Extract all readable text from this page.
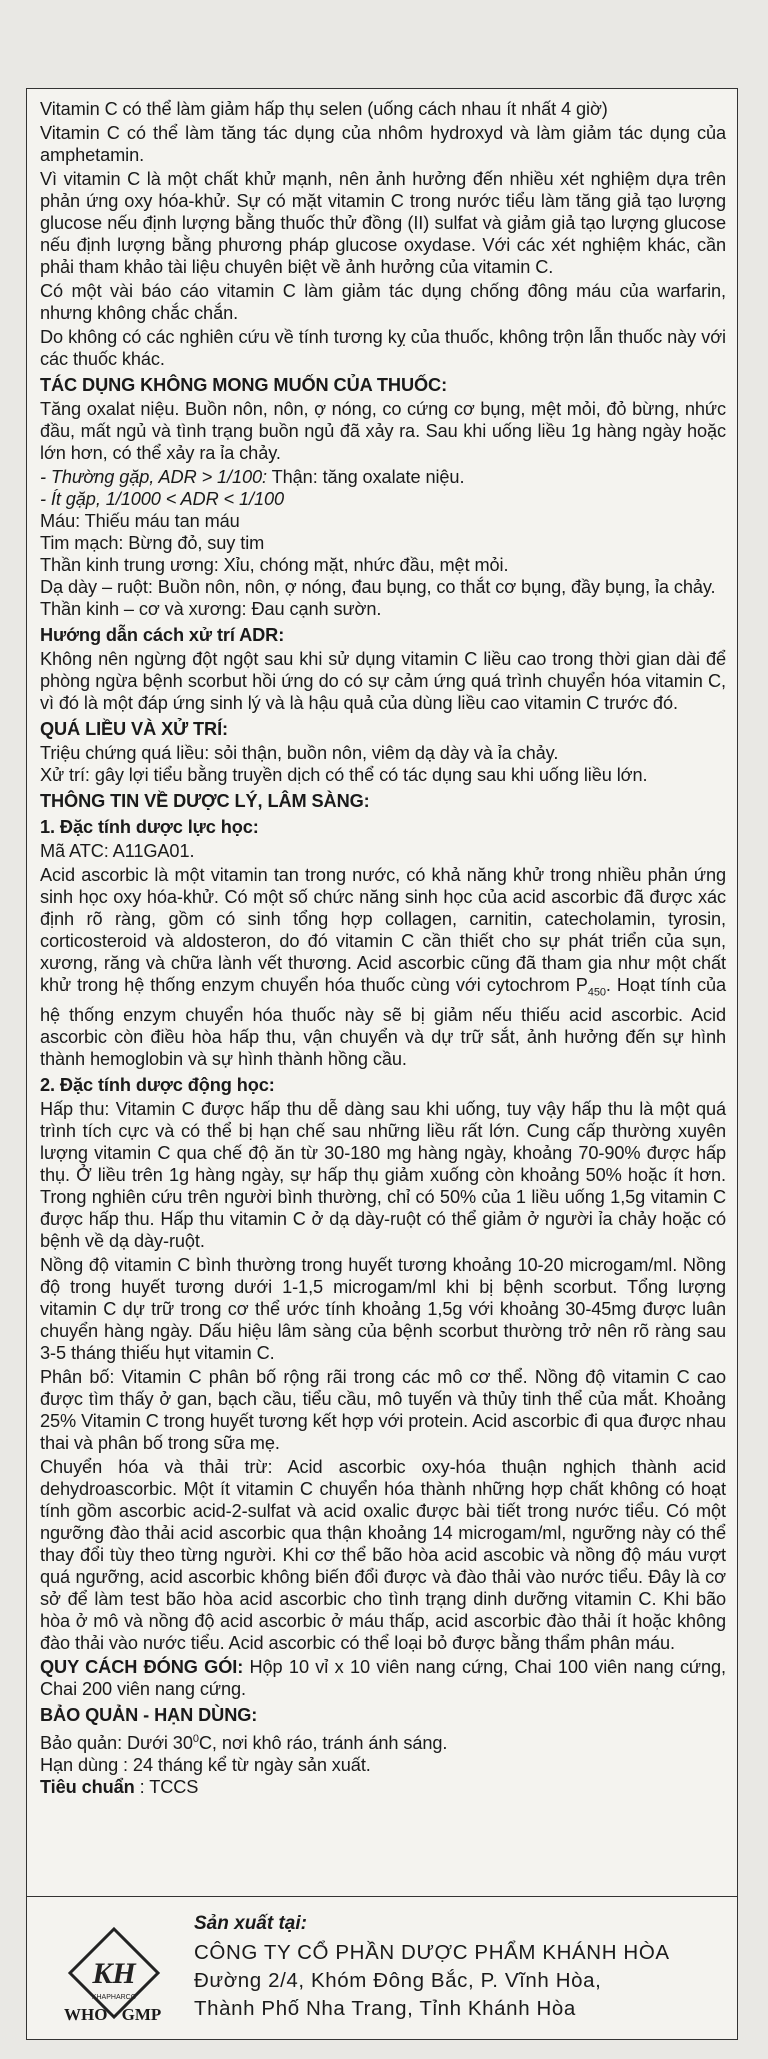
Vitamin C có thể làm giảm hấp thụ selen (uống cách nhau ít nhất 4 giờ)

Vitamin C có thể làm tăng tác dụng của nhôm hydroxyd và làm giảm tác dụng của amphetamin.

Vì vitamin C là một chất khử mạnh, nên ảnh hưởng đến nhiều xét nghiệm dựa trên phản ứng oxy hóa-khử. Sự có mặt vitamin C trong nước tiểu làm tăng giả tạo lượng glucose nếu định lượng bằng thuốc thử đồng (II) sulfat và giảm giả tạo lượng glucose nếu định lượng bằng phương pháp glucose oxydase. Với các xét nghiệm khác, cần phải tham khảo tài liệu chuyên biệt về ảnh hưởng của vitamin C.

Có một vài báo cáo vitamin C làm giảm tác dụng chống đông máu của warfarin, nhưng không chắc chắn.

Do không có các nghiên cứu về tính tương kỵ của thuốc, không trộn lẫn thuốc này với các thuốc khác.

TÁC DỤNG KHÔNG MONG MUỐN CỦA THUỐC:

Tăng oxalat niệu. Buồn nôn, nôn, ợ nóng, co cứng cơ bụng, mệt mỏi, đỏ bừng, nhức đầu, mất ngủ và tình trạng buồn ngủ đã xảy ra. Sau khi uống liều 1g hàng ngày hoặc lớn hơn, có thể xảy ra ỉa chảy.

- Thường gặp, ADR > 1/100: Thận: tăng oxalate niệu.

- Ít gặp, 1/1000 < ADR < 1/100

Máu: Thiếu máu tan máu

Tim mạch: Bừng đỏ, suy tim

Thần kinh trung ương: Xỉu, chóng mặt, nhức đầu, mệt mỏi.

Dạ dày – ruột: Buồn nôn, nôn, ợ nóng, đau bụng, co thắt cơ bụng, đầy bụng, ỉa chảy.

Thần kinh – cơ và xương: Đau cạnh sườn.

Hướng dẫn cách xử trí ADR:

Không nên ngừng đột ngột sau khi sử dụng vitamin C liều cao trong thời gian dài để phòng ngừa bệnh scorbut hồi ứng do có sự cảm ứng quá trình chuyển hóa vitamin C, vì đó là một đáp ứng sinh lý và là hậu quả của dùng liều cao vitamin C trước đó.

QUÁ LIỀU VÀ XỬ TRÍ:

Triệu chứng quá liều: sỏi thận, buồn nôn, viêm dạ dày và ỉa chảy.

Xử trí: gây lợi tiểu bằng truyền dịch có thể có tác dụng sau khi uống liều lớn.

THÔNG TIN VỀ DƯỢC LÝ, LÂM SÀNG:
1. Đặc tính dược lực học:

Mã ATC: A11GA01.

Acid ascorbic là một vitamin tan trong nước, có khả năng khử trong nhiều phản ứng sinh học oxy hóa-khử. Có một số chức năng sinh học của acid ascorbic đã được xác định rõ ràng, gồm có sinh tổng hợp collagen, carnitin, catecholamin, tyrosin, corticosteroid và aldosteron, do đó vitamin C cần thiết cho sự phát triển của sụn, xương, răng và chữa lành vết thương. Acid ascorbic cũng đã tham gia như một chất khử trong hệ thống enzym chuyển hóa thuốc cùng với cytochrom $P_{450}$. Hoạt tính của hệ thống enzym chuyển hóa thuốc này sẽ bị giảm nếu thiếu acid ascorbic. Acid ascorbic còn điều hòa hấp thu, vận chuyển và dự trữ sắt, ảnh hưởng đến sự hình thành hemoglobin và sự hình thành hồng cầu.

2. Đặc tính dược động học:

Hấp thu: Vitamin C được hấp thu dễ dàng sau khi uống, tuy vậy hấp thu là một quá trình tích cực và có thể bị hạn chế sau những liều rất lớn. Cung cấp thường xuyên lượng vitamin C qua chế độ ăn từ 30-180 mg hàng ngày, khoảng 70-90% được hấp thụ. Ở liều trên 1g hàng ngày, sự hấp thụ giảm xuống còn khoảng 50% hoặc ít hơn. Trong nghiên cứu trên người bình thường, chỉ có 50% của 1 liều uống 1,5g vitamin C được hấp thu. Hấp thu vitamin C ở dạ dày-ruột có thể giảm ở người ỉa chảy hoặc có bệnh về dạ dày-ruột.

Nồng độ vitamin C bình thường trong huyết tương khoảng 10-20 microgam/ml. Nồng độ trong huyết tương dưới 1-1,5 microgam/ml khi bị bệnh scorbut. Tổng lượng vitamin C dự trữ trong cơ thể ước tính khoảng 1,5g với khoảng 30-45mg được luân chuyển hàng ngày. Dấu hiệu lâm sàng của bệnh scorbut thường trở nên rõ ràng sau 3-5 tháng thiếu hụt vitamin C.

Phân bố: Vitamin C phân bố rộng rãi trong các mô cơ thể. Nồng độ vitamin C cao được tìm thấy ở gan, bạch cầu, tiểu cầu, mô tuyến và thủy tinh thể của mắt. Khoảng 25% Vitamin C trong huyết tương kết hợp với protein. Acid ascorbic đi qua được nhau thai và phân bố trong sữa mẹ.

Chuyển hóa và thải trừ: Acid ascorbic oxy-hóa thuận nghịch thành acid dehydroascorbic. Một ít vitamin C chuyển hóa thành những hợp chất không có hoạt tính gồm ascorbic acid-2-sulfat và acid oxalic được bài tiết trong nước tiểu. Có một ngưỡng đào thải acid ascorbic qua thận khoảng 14 microgam/ml, ngưỡng này có thể thay đổi tùy theo từng người. Khi cơ thể bão hòa acid ascobic và nồng độ máu vượt quá ngưỡng, acid ascorbic không biến đổi được và đào thải vào nước tiểu. Đây là cơ sở để làm test bão hòa acid ascorbic cho tình trạng dinh dưỡng vitamin C. Khi bão hòa ở mô và nồng độ acid ascorbic ở máu thấp, acid ascorbic đào thải ít hoặc không đào thải vào nước tiểu. Acid ascorbic có thể loại bỏ được bằng thẩm phân máu.

QUY CÁCH ĐÓNG GÓI: Hộp 10 vỉ x 10 viên nang cứng, Chai 100 viên nang cứng, Chai 200 viên nang cứng.

BẢO QUẢN - HẠN DÙNG:

Bảo quản: Dưới $30^0C$, nơi khô ráo, tránh ánh sáng.

Hạn dùng : 24 tháng kể từ ngày sản xuất.

Tiêu chuẩn : TCCS

KH
KHAPHARCO
WHO - GMP
Sản xuất tại:
CÔNG TY CỔ PHẦN DƯỢC PHẨM KHÁNH HÒA
Đường 2/4, Khóm Đông Bắc, P. Vĩnh Hòa,
Thành Phố Nha Trang, Tỉnh Khánh Hòa
